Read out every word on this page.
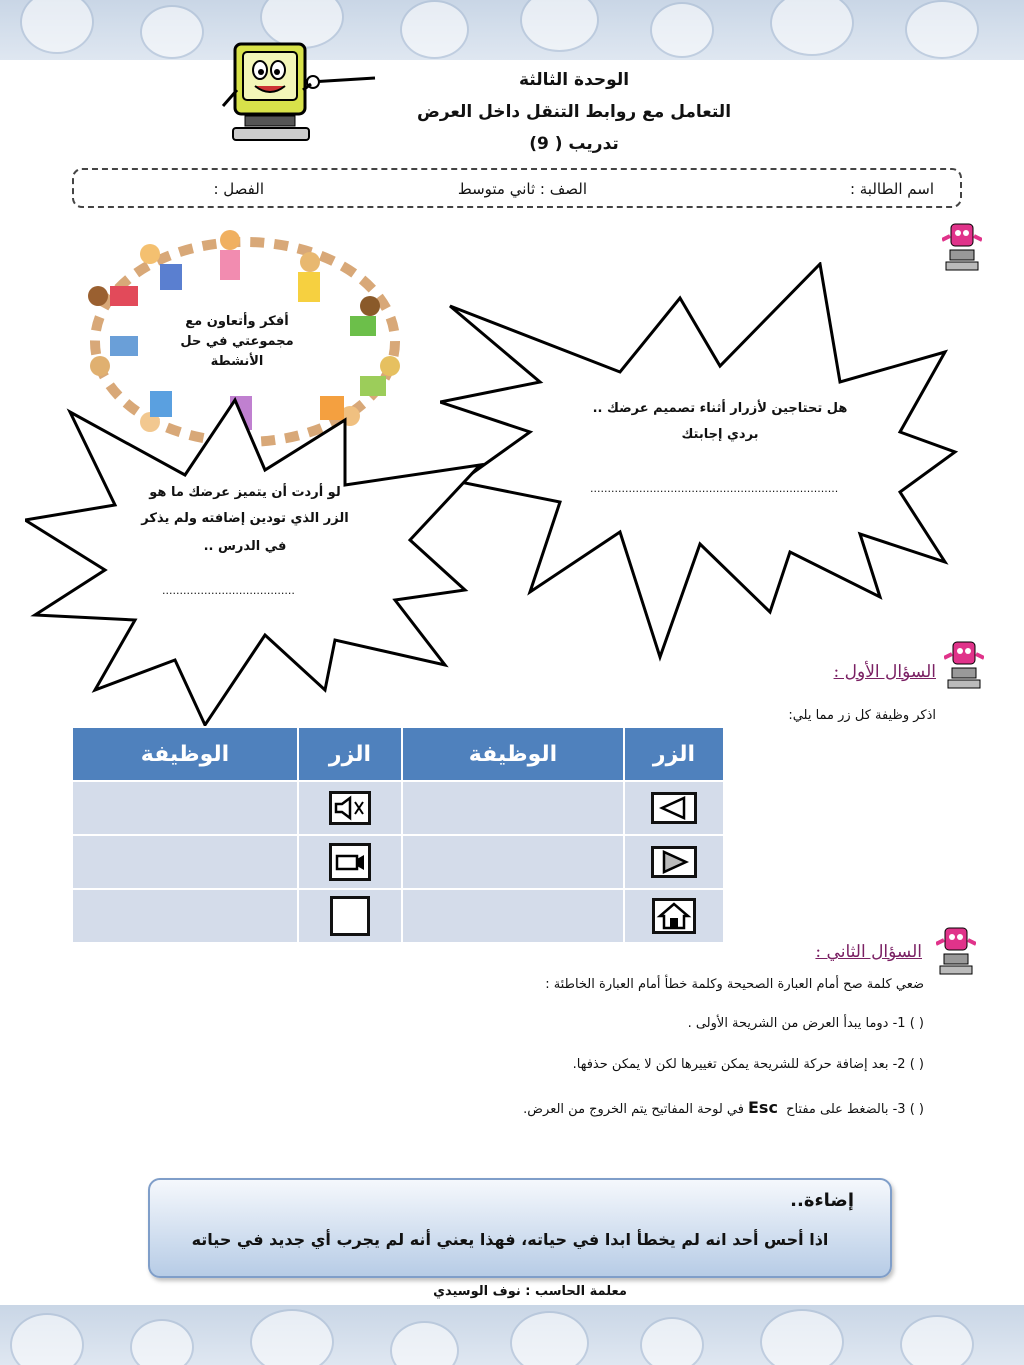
الوحدة الثالثة
التعامل مع روابط التنقل داخل العرض
تدريب ( 9)
اسم الطالبة :
الصف : ثاني متوسط
الفصل :
أفكر وأتعاون مع مجموعتي في حل الأنشطة
هل تحتاجين لأزرار أثناء تصميم عرضك ..
بردي إجابتك
.......................................................................
لو أردت أن يتميز عرضك ما هو
الزر الذي تودين إضافته ولم يذكر
في الدرس ..
......................................
السؤال الأول :
اذكر وظيفة كل زر مما يلي:
الوظيفة	الزر	الوظيفة	الزر

السؤال الثاني :
ضعي كلمة صح أمام العبارة الصحيحة وكلمة خطأ أمام العبارة الخاطئة :
( ) 1- دوما يبدأ العرض من الشريحة الأولى .
( ) 2- بعد إضافة حركة للشريحة يمكن تغييرها لكن لا يمكن حذفها.
( ) 3- بالضغط على مفتاح Escفي لوحة المفاتيح يتم الخروج من العرض.
إضاءة..
اذا أحس أحد انه لم يخطأ ابدا في حياته، فهذا يعني أنه لم يجرب أي جديد في حياته
معلمة الحاسب : نوف الوسيدي
